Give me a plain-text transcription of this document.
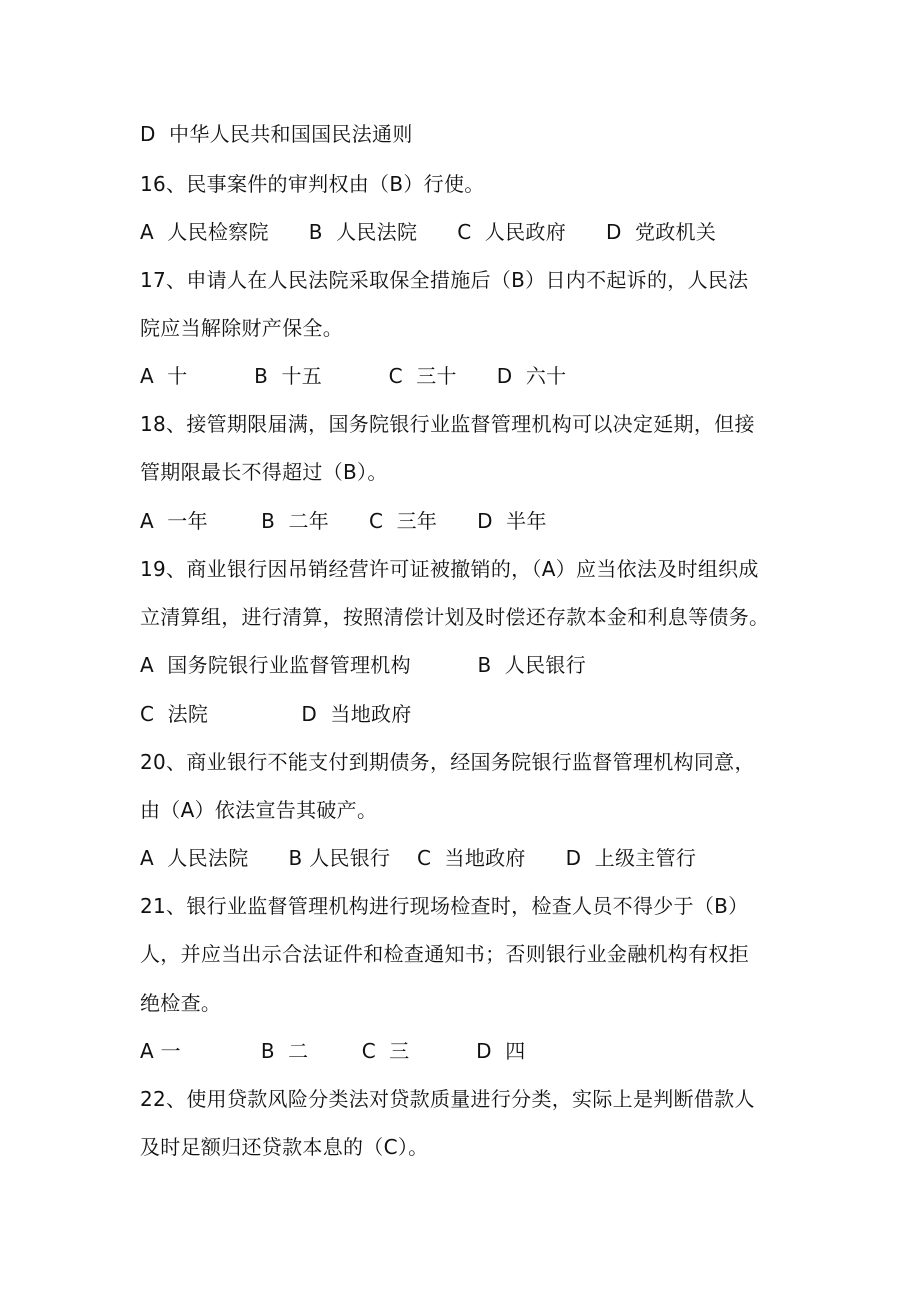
D  中华人民共和国国民法通则
16、民事案件的审判权由（B）行使。
A  人民检察院      B  人民法院      C  人民政府      D  党政机关
17、申请人在人民法院采取保全措施后（B）日内不起诉的，人民法
院应当解除财产保全。
A  十          B  十五          C  三十      D  六十
18、接管期限届满，国务院银行业监督管理机构可以决定延期，但接
管期限最长不得超过（B）。
A  一年        B  二年      C  三年      D  半年
19、商业银行因吊销经营许可证被撤销的，（A）应当依法及时组织成
立清算组，进行清算，按照清偿计划及时偿还存款本金和利息等债务。
A  国务院银行业监督管理机构          B  人民银行
C  法院              D  当地政府
20、商业银行不能支付到期债务，经国务院银行监督管理机构同意，
由（A）依法宣告其破产。
A  人民法院      B 人民银行    C  当地政府      D  上级主管行
21、银行业监督管理机构进行现场检查时，检查人员不得少于（B）
人，并应当出示合法证件和检查通知书；否则银行业金融机构有权拒
绝检查。
A 一            B  二        C  三          D  四
22、使用贷款风险分类法对贷款质量进行分类，实际上是判断借款人
及时足额归还贷款本息的（C）。
